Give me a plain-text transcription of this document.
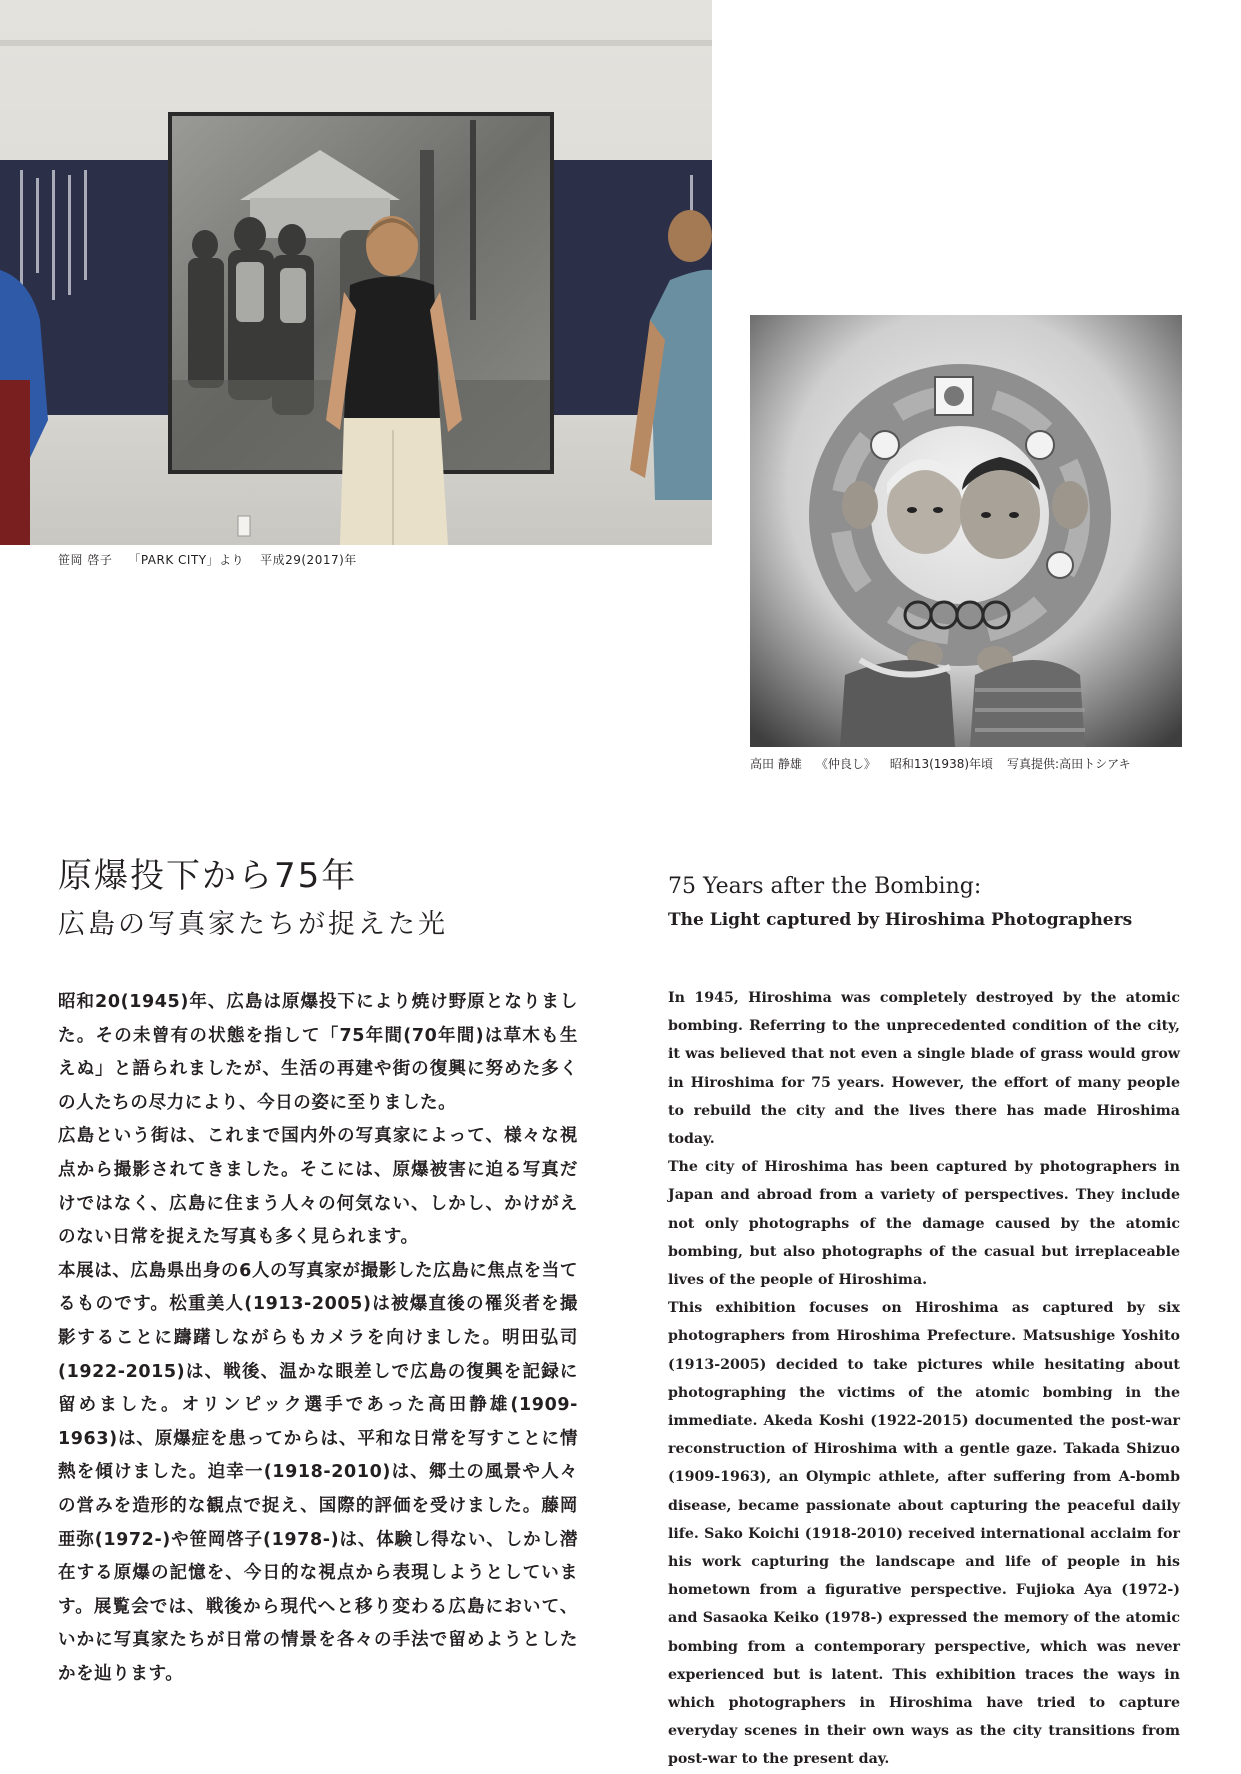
笹岡 啓子 「PARK CITY」より 平成29(2017)年
高田 静雄 《仲良し》 昭和13(1938)年頃 写真提供:高田トシアキ
原爆投下から75年
広島の写真家たちが捉えた光
75 Years after the Bombing:
The Light captured by Hiroshima Photographers

昭和20(1945)年、広島は原爆投下により焼け野原となりました。その未曾有の状態を指して「75年間(70年間)は草木も生えぬ」と語られましたが、生活の再建や街の復興に努めた多くの人たちの尽力により、今日の姿に至りました。

広島という街は、これまで国内外の写真家によって、様々な視点から撮影されてきました。そこには、原爆被害に迫る写真だけではなく、広島に住まう人々の何気ない、しかし、かけがえのない日常を捉えた写真も多く見られます。

本展は、広島県出身の6人の写真家が撮影した広島に焦点を当てるものです。松重美人(1913-2005)は被爆直後の罹災者を撮影することに躊躇しながらもカメラを向けました。明田弘司(1922-2015)は、戦後、温かな眼差しで広島の復興を記録に留めました。オリンピック選手であった高田静雄(1909-1963)は、原爆症を患ってからは、平和な日常を写すことに情熱を傾けました。迫幸一(1918-2010)は、郷土の風景や人々の営みを造形的な観点で捉え、国際的評価を受けました。藤岡亜弥(1972-)や笹岡啓子(1978-)は、体験し得ない、しかし潜在する原爆の記憶を、今日的な視点から表現しようとしています。展覧会では、戦後から現代へと移り変わる広島において、いかに写真家たちが日常の情景を各々の手法で留めようとしたかを辿ります。

In 1945, Hiroshima was completely destroyed by the atomic bombing. Referring to the unprecedented condition of the city, it was believed that not even a single blade of grass would grow in Hiroshima for 75 years. However, the effort of many people to rebuild the city and the lives there has made Hiroshima today.

The city of Hiroshima has been captured by photographers in Japan and abroad from a variety of perspectives. They include not only photographs of the damage caused by the atomic bombing, but also photographs of the casual but irreplaceable lives of the people of Hiroshima.

This exhibition focuses on Hiroshima as captured by six photographers from Hiroshima Prefecture. Matsushige Yoshito (1913-2005) decided to take pictures while hesitating about photographing the victims of the atomic bombing in the immediate. Akeda Koshi (1922-2015) documented the post-war reconstruction of Hiroshima with a gentle gaze. Takada Shizuo (1909-1963), an Olympic athlete, after suffering from A-bomb disease, became passionate about capturing the peaceful daily life. Sako Koichi (1918-2010) received international acclaim for his work capturing the landscape and life of people in his hometown from a figurative perspective. Fujioka Aya (1972-) and Sasaoka Keiko (1978-) expressed the memory of the atomic bombing from a contemporary perspective, which was never experienced but is latent. This exhibition traces the ways in which photographers in Hiroshima have tried to capture everyday scenes in their own ways as the city transitions from post-war to the present day.
